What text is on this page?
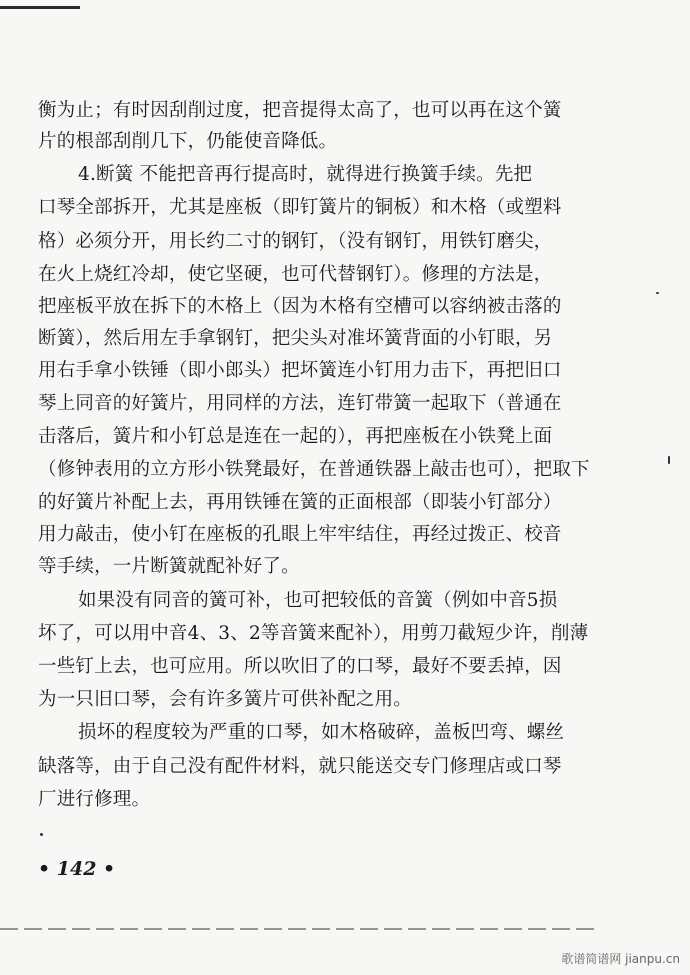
衡为止；有时因刮削过度，把音提得太高了，也可以再在这个簧
片的根部刮削几下，仍能使音降低。
4.断簧 不能把音再行提高时，就得进行换簧手续。先把
口琴全部拆开，尤其是座板（即钉簧片的铜板）和木格（或塑料
格）必须分开，用长约二寸的钢钉，（没有钢钉，用铁钉磨尖，
在火上烧红冷却，使它坚硬，也可代替钢钉）。修理的方法是，
把座板平放在拆下的木格上（因为木格有空槽可以容纳被击落的
断簧），然后用左手拿钢钉，把尖头对准坏簧背面的小钉眼，另
用右手拿小铁锤（即小郎头）把坏簧连小钉用力击下，再把旧口
琴上同音的好簧片，用同样的方法，连钉带簧一起取下（普通在
击落后，簧片和小钉总是连在一起的），再把座板在小铁凳上面
（修钟表用的立方形小铁凳最好，在普通铁器上敲击也可），把取下
的好簧片补配上去，再用铁锤在簧的正面根部（即装小钉部分）
用力敲击，使小钉在座板的孔眼上牢牢结住，再经过拨正、校音
等手续，一片断簧就配补好了。
如果没有同音的簧可补，也可把较低的音簧（例如中音5损
坏了，可以用中音4、3、2等音簧来配补），用剪刀截短少许，削薄
一些钉上去，也可应用。所以吹旧了的口琴，最好不要丢掉，因
为一只旧口琴，会有许多簧片可供补配之用。
损坏的程度较为严重的口琴，如木格破碎，盖板凹弯、螺丝
缺落等，由于自己没有配件材料，就只能送交专门修理店或口琴
厂进行修理。
• 142 •
歌谱简谱网 jianpu.cn
